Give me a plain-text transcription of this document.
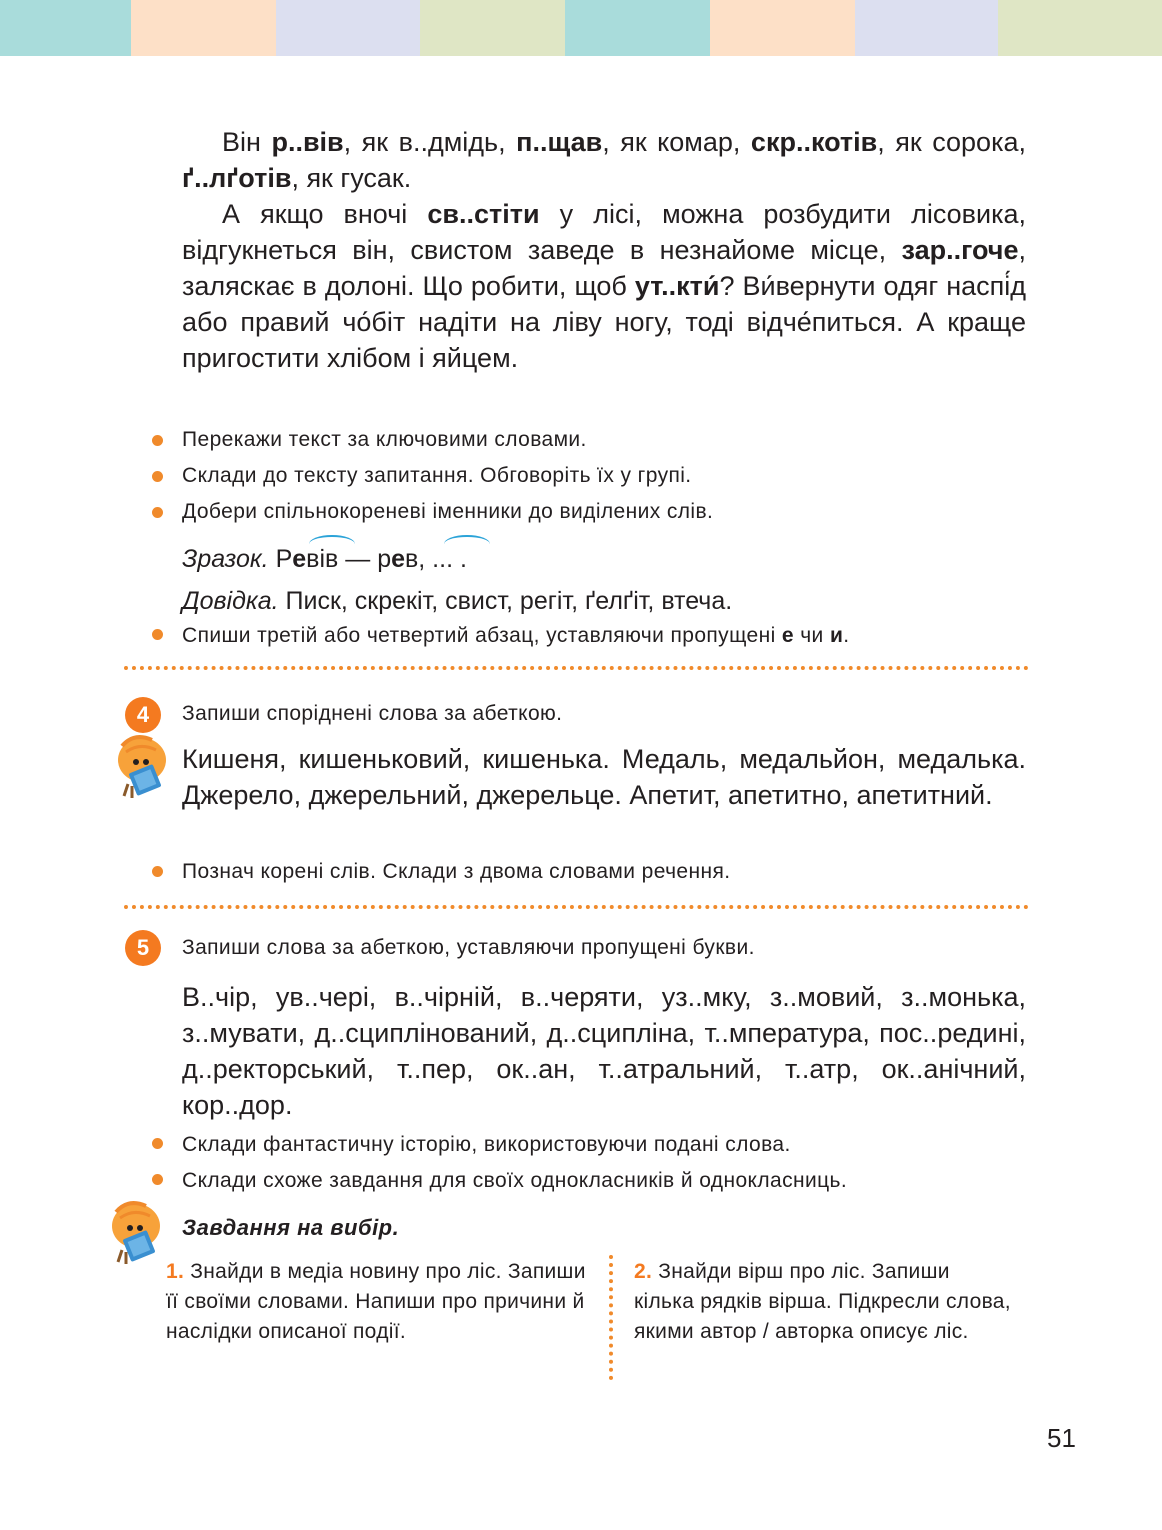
Він р..вів, як в..дмідь, п..щав, як комар, скр..котів, як сорока, ґ..лґотів, як гусак.

А якщо вночі св..стіти у лісі, можна розбудити лісовика, відгукнеться він, свистом заведе в незнайоме місце, зар..гоче, заляскає в долоні. Що робити, щоб ут..кти́? Ви́вернути одяг наспі́д або правий чо́біт надіти на ліву ногу, тоді відче́питься. А краще пригостити хлібом і яйцем.

Перекажи текст за ключовими словами.
Склади до тексту запитання. Обговоріть їх у групі.
Добери спільнокореневі іменники до виділених слів.
Зразок. Ревів — рев, ... .
Довідка. Писк, скрекіт, свист, регіт, ґелґіт, втеча.
Спиши третій або четвертий абзац, уставляючи пропущені е чи и.
4	Запиши споріднені слова за абеткою.

Кишеня, кишеньковий, кишенька. Медаль, медальйон, медалька. Джерело, джерельний, джерельце. Апетит, апетитно, апетитний.

Познач корені слів. Склади з двома словами речення.
5	Запиши слова за абеткою, уставляючи пропущені букви.

В..чір, ув..чері, в..чірній, в..черяти, уз..мку, з..мовий, з..монька, з..мувати, д..сциплінований, д..сципліна, т..мпература, пос..редині, д..ректорський, т..пер, ок..ан, т..атральний, т..атр, ок..анічний, кор..дор.

Склади фантастичну історію, використовуючи подані слова.
Склади схоже завдання для своїх однокласників й однокласниць.
Завдання на вибір.
1. Знайди в медіа новину про ліс. Запиши її своїми словами. Напиши про причини й наслідки описаної події.
2. Знайди вірш про ліс. Запиши кілька рядків вірша. Підкресли слова, якими автор / авторка описує ліс.
51
